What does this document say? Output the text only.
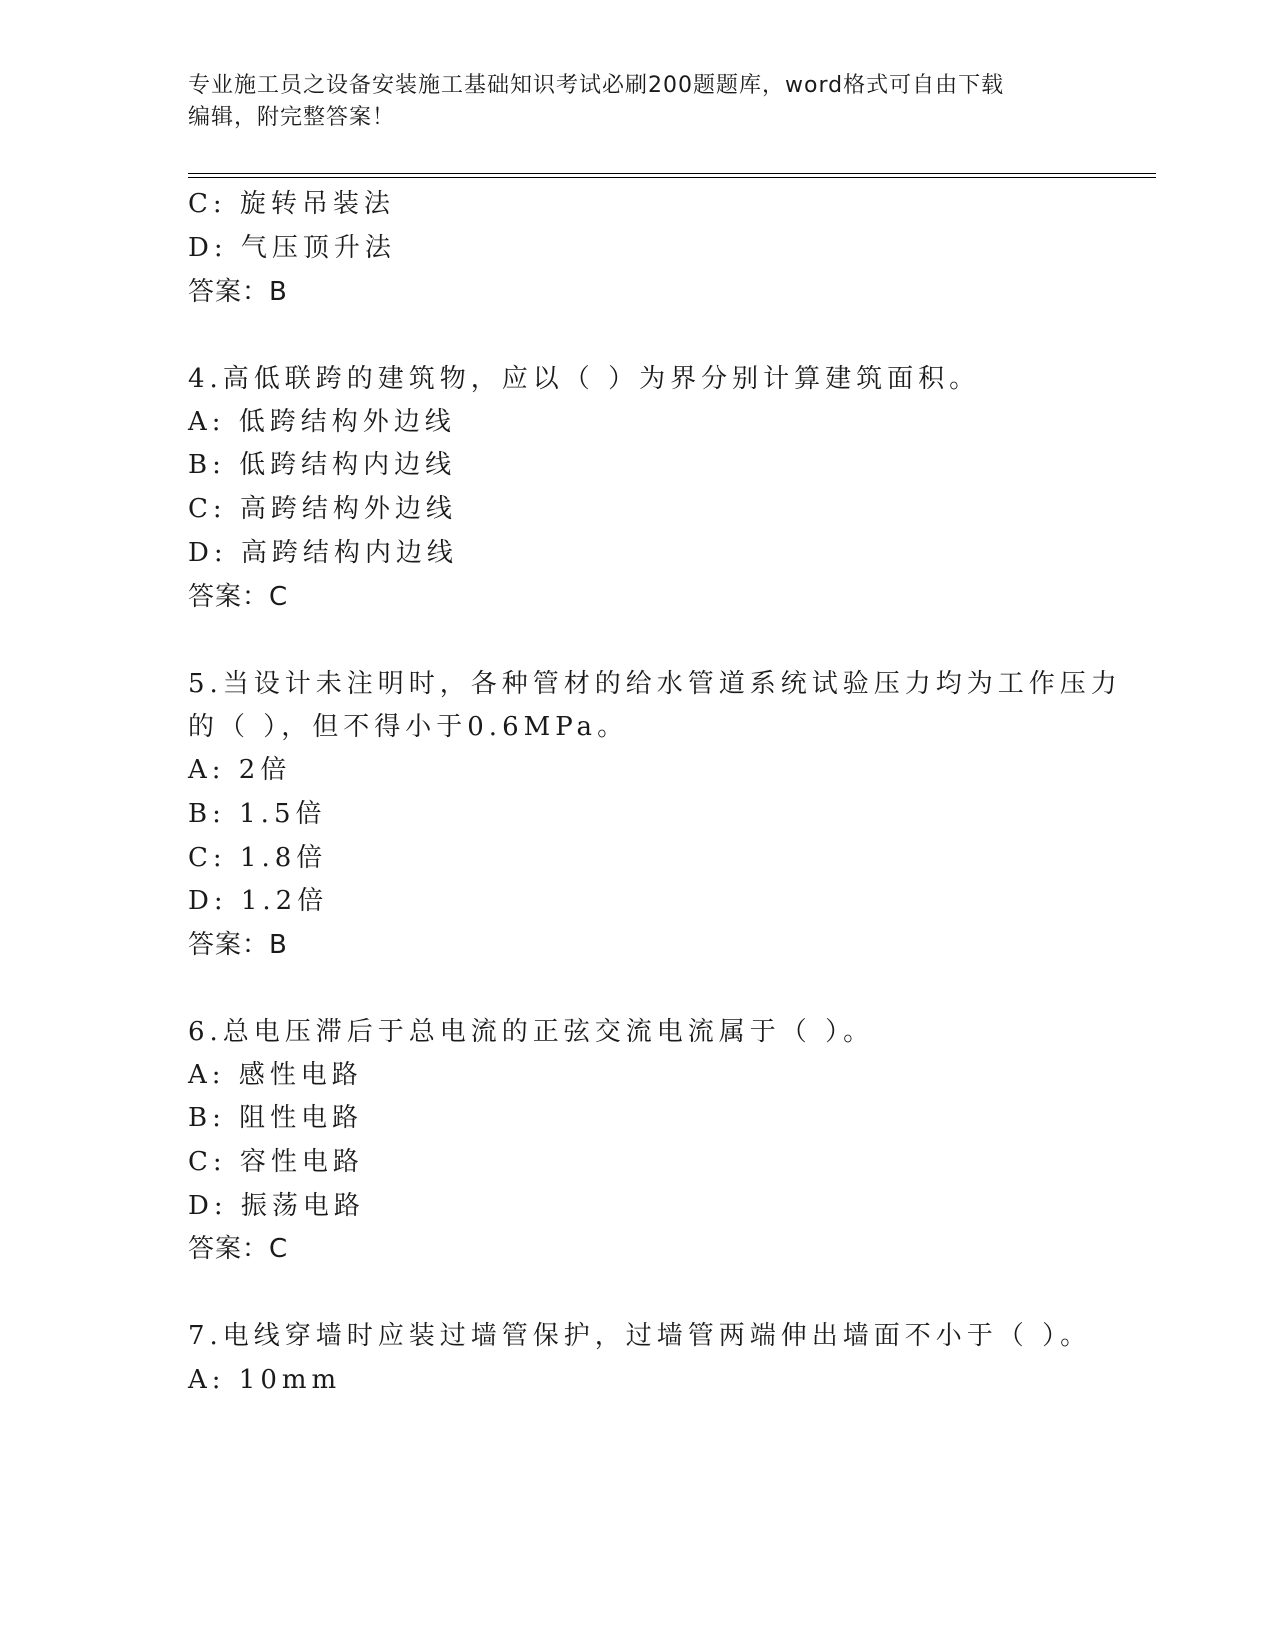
专业施工员之设备安装施工基础知识考试必刷200题题库，word格式可自由下载
编辑，附完整答案！
C: 旋转吊装法
D: 气压顶升法
答案：B
4.高低联跨的建筑物，应以（ ）为界分别计算建筑面积。
A: 低跨结构外边线
B: 低跨结构内边线
C: 高跨结构外边线
D: 高跨结构内边线
答案：C
5.当设计未注明时，各种管材的给水管道系统试验压力均为工作压力
的（ ），但不得小于0.6MPa。
A: 2倍
B: 1.5倍
C: 1.8倍
D: 1.2倍
答案：B
6.总电压滞后于总电流的正弦交流电流属于（ ）。
A: 感性电路
B: 阻性电路
C: 容性电路
D: 振荡电路
答案：C
7.电线穿墙时应装过墙管保护，过墙管两端伸出墙面不小于（ ）。
A: 10mm
